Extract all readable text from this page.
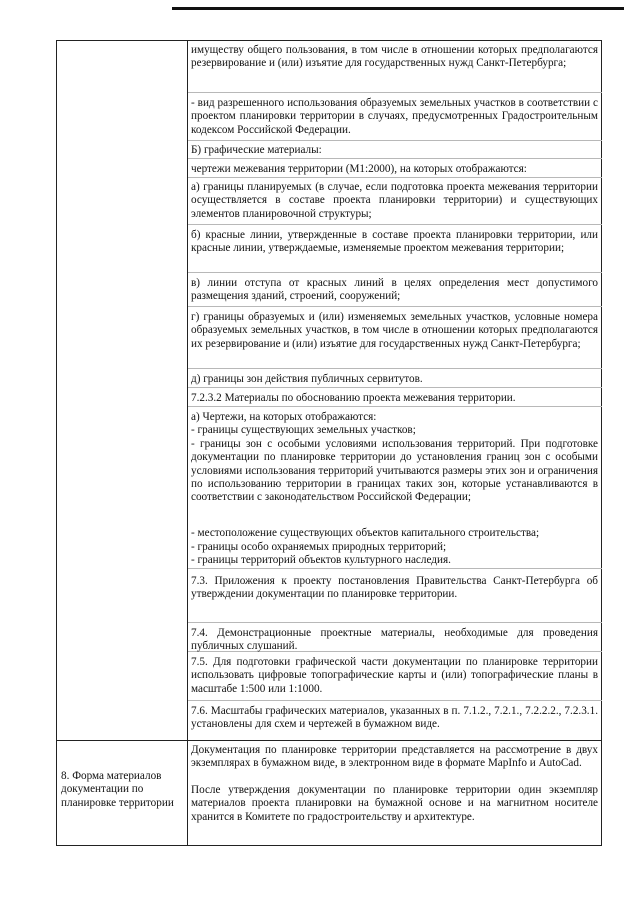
имуществу общего пользования, в том числе в отношении которых предполагаются резервирование и (или) изъятие для государственных нужд Санкт-Петербурга;
- вид разрешенного использования образуемых земельных участков в соответствии с проектом планировки территории в случаях, предусмотренных Градостроительным кодексом Российской Федерации.
Б) графические материалы:
чертежи межевания территории (М1:2000), на которых отображаются:
а) границы планируемых (в случае, если подготовка проекта межевания территории осуществляется в составе проекта планировки территории) и существующих элементов планировочной структуры;
б) красные линии, утвержденные в составе проекта планировки территории, или красные линии, утверждаемые, изменяемые проектом межевания территории;
в) линии отступа от красных линий в целях определения мест допустимого размещения зданий, строений, сооружений;
г) границы образуемых и (или) изменяемых земельных участков, условные номера образуемых земельных участков, в том числе в отношении которых предполагаются их резервирование и (или) изъятие для государственных нужд Санкт-Петербурга;
д) границы зон действия публичных сервитутов.
7.2.3.2 Материалы по обоснованию проекта межевания территории.
а) Чертежи, на которых отображаются:
- границы существующих земельных участков;
- границы зон с особыми условиями использования территорий. При подготовке документации по планировке территории до установления границ зон с особыми условиями использования территорий учитываются размеры этих зон и ограничения по использованию территории в границах таких зон, которые устанавливаются в соответствии с законодательством Российской Федерации;
- местоположение существующих объектов капитального строительства;
- границы особо охраняемых природных территорий;
- границы территорий объектов культурного наследия.
7.3. Приложения к проекту постановления Правительства Санкт-Петербурга об утверждении документации по планировке территории.
7.4. Демонстрационные проектные материалы, необходимые для проведения публичных слушаний.
7.5. Для подготовки графической части документации по планировке территории использовать цифровые топографические карты и (или) топографические планы в масштабе 1:500 или 1:1000.
7.6. Масштабы графических материалов, указанных в п. 7.1.2., 7.2.1., 7.2.2.2., 7.2.3.1. установлены для схем и чертежей в бумажном виде.
8. Форма материалов документации по планировке территории
Документация по планировке территории представляется на рассмотрение в двух экземплярах в бумажном виде, в электронном виде в формате MapInfo и AutoCad.
После утверждения документации по планировке территории один экземпляр материалов проекта планировки на бумажной основе и на магнитном носителе хранится в Комитете по градостроительству и архитектуре.
